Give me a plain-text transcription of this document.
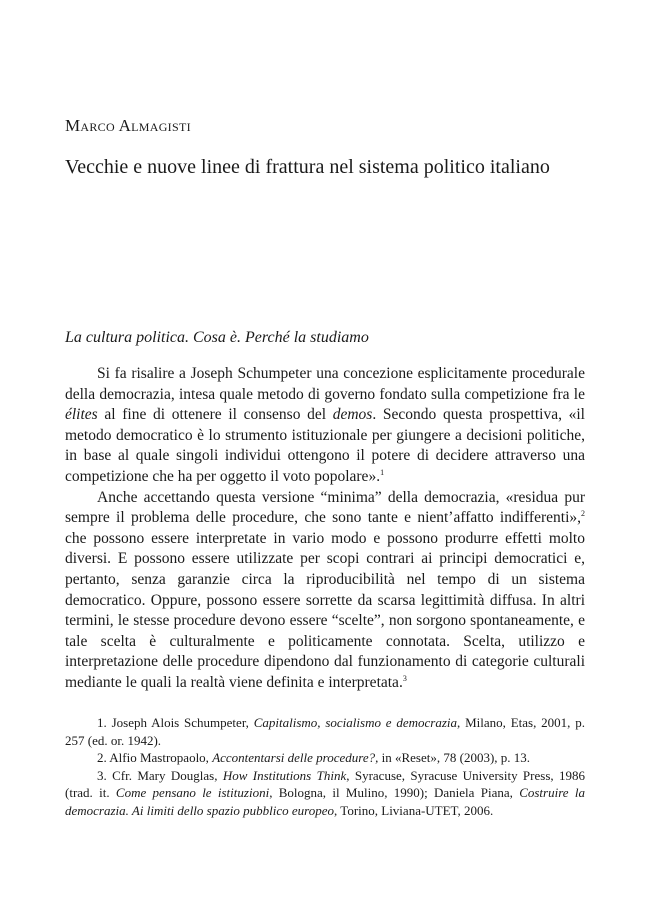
Marco Almagisti
Vecchie e nuove linee di frattura nel sistema politico italiano
La cultura politica. Cosa è. Perché la studiamo

Si fa risalire a Joseph Schumpeter una concezione esplicitamente procedurale della democrazia, intesa quale metodo di governo fondato sulla competizione fra le élites al fine di ottenere il consenso del demos. Secondo questa prospettiva, «il metodo democratico è lo strumento istituzionale per giungere a decisioni politiche, in base al quale singoli individui ottengono il potere di decidere attraverso una competizione che ha per oggetto il voto popolare».$^1$

Anche accettando questa versione “minima” della democrazia, «residua pur sempre il problema delle procedure, che sono tante e nient’affatto indifferenti»,$^2$ che possono essere interpretate in vario modo e possono produrre effetti molto diversi. E possono essere utilizzate per scopi contrari ai principi democratici e, pertanto, senza garanzie circa la riproducibilità nel tempo di un sistema democratico. Oppure, possono essere sorrette da scarsa legittimità diffusa. In altri termini, le stesse procedure devono essere “scelte”, non sorgono spontaneamente, e tale scelta è culturalmente e politicamente connotata. Scelta, utilizzo e interpretazione delle procedure dipendono dal funzionamento di categorie culturali mediante le quali la realtà viene definita e interpretata.$^3$

1. Joseph Alois Schumpeter, Capitalismo, socialismo e democrazia, Milano, Etas, 2001, p. 257 (ed. or. 1942).

2. Alfio Mastropaolo, Accontentarsi delle procedure?, in «Reset», 78 (2003), p. 13.

3. Cfr. Mary Douglas, How Institutions Think, Syracuse, Syracuse University Press, 1986 (trad. it. Come pensano le istituzioni, Bologna, il Mulino, 1990); Daniela Piana, Costruire la democrazia. Ai limiti dello spazio pubblico europeo, Torino, Liviana-UTET, 2006.
